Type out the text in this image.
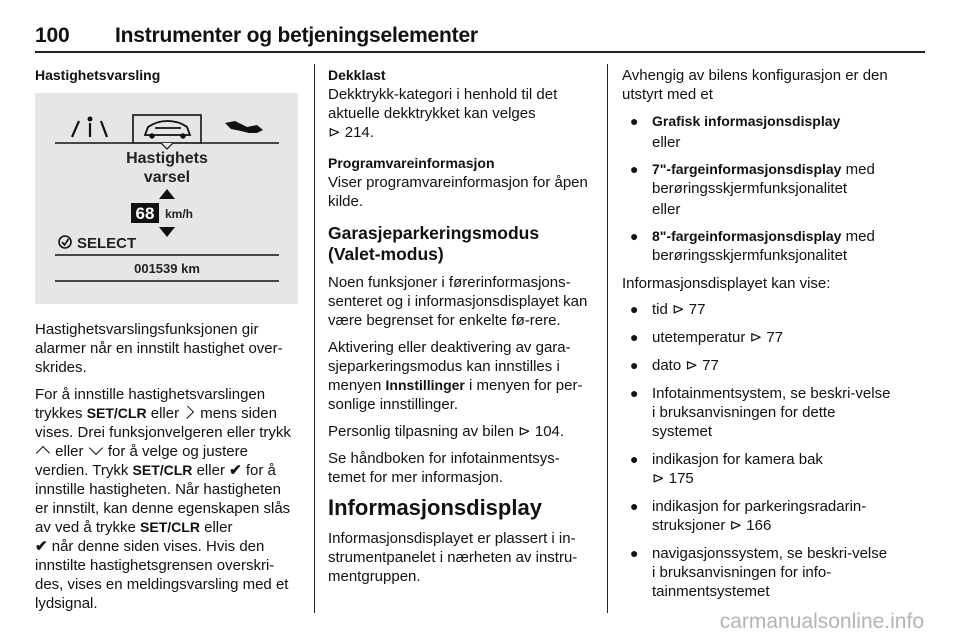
100 Instrumenter og betjeningselementer
Hastighetsvarsling
Hastighets
varsel
68 km/h
SELECT
001539 km

Hastighetsvarslingsfunksjonen gir alarmer når en innstilt hastighet over-skrides.

For å innstille hastighetsvarslingen trykkes SET/CLR eller mens siden vises. Drei funksjonvelgeren eller trykk  eller  for å velge og justere verdien. Trykk SET/CLR eller ✔ for å innstille hastigheten. Når hastigheten er innstilt, kan denne egenskapen slås av ved å trykke SET/CLR eller
✔ når denne siden vises. Hvis den innstilte hastighetsgrensen overskri-des, vises en meldingsvarsling med et lydsignal.

Dekklast

Dekktrykk-kategori i henhold til det aktuelle dekktrykket kan velges
⊳ 214.

Programvareinformasjon

Viser programvareinformasjon for åpen kilde.

Garasjeparkeringsmodus (Valet-modus)

Noen funksjoner i førerinformasjons-senteret og i informasjonsdisplayet kan være begrenset for enkelte fø-rere.

Aktivering eller deaktivering av gara-sjeparkeringsmodus kan innstilles i menyen Innstillinger i menyen for per-sonlige innstillinger.

Personlig tilpasning av bilen ⊳ 104.

Se håndboken for infotainmentsys-temet for mer informasjon.

Informasjonsdisplay

Informasjonsdisplayet er plassert i in-strumentpanelet i nærheten av instru-mentgruppen.

Avhengig av bilens konfigurasjon er den utstyrt med et

● Grafisk informasjonsdisplay
eller
● 7"-fargeinformasjonsdisplay med berøringsskjermfunksjonalitet
eller
● 8"-fargeinformasjonsdisplay med berøringsskjermfunksjonalitet

Informasjonsdisplayet kan vise:

● tid ⊳ 77
● utetemperatur ⊳ 77
● dato ⊳ 77
● Infotainmentsystem, se beskri-velse i bruksanvisningen for dette systemet
● indikasjon for kamera bak
⊳ 175
● indikasjon for parkeringsradarin-struksjoner ⊳ 166
● navigasjonssystem, se beskri-velse i bruksanvisningen for info-tainmentsystemet
carmanualsonline.info
